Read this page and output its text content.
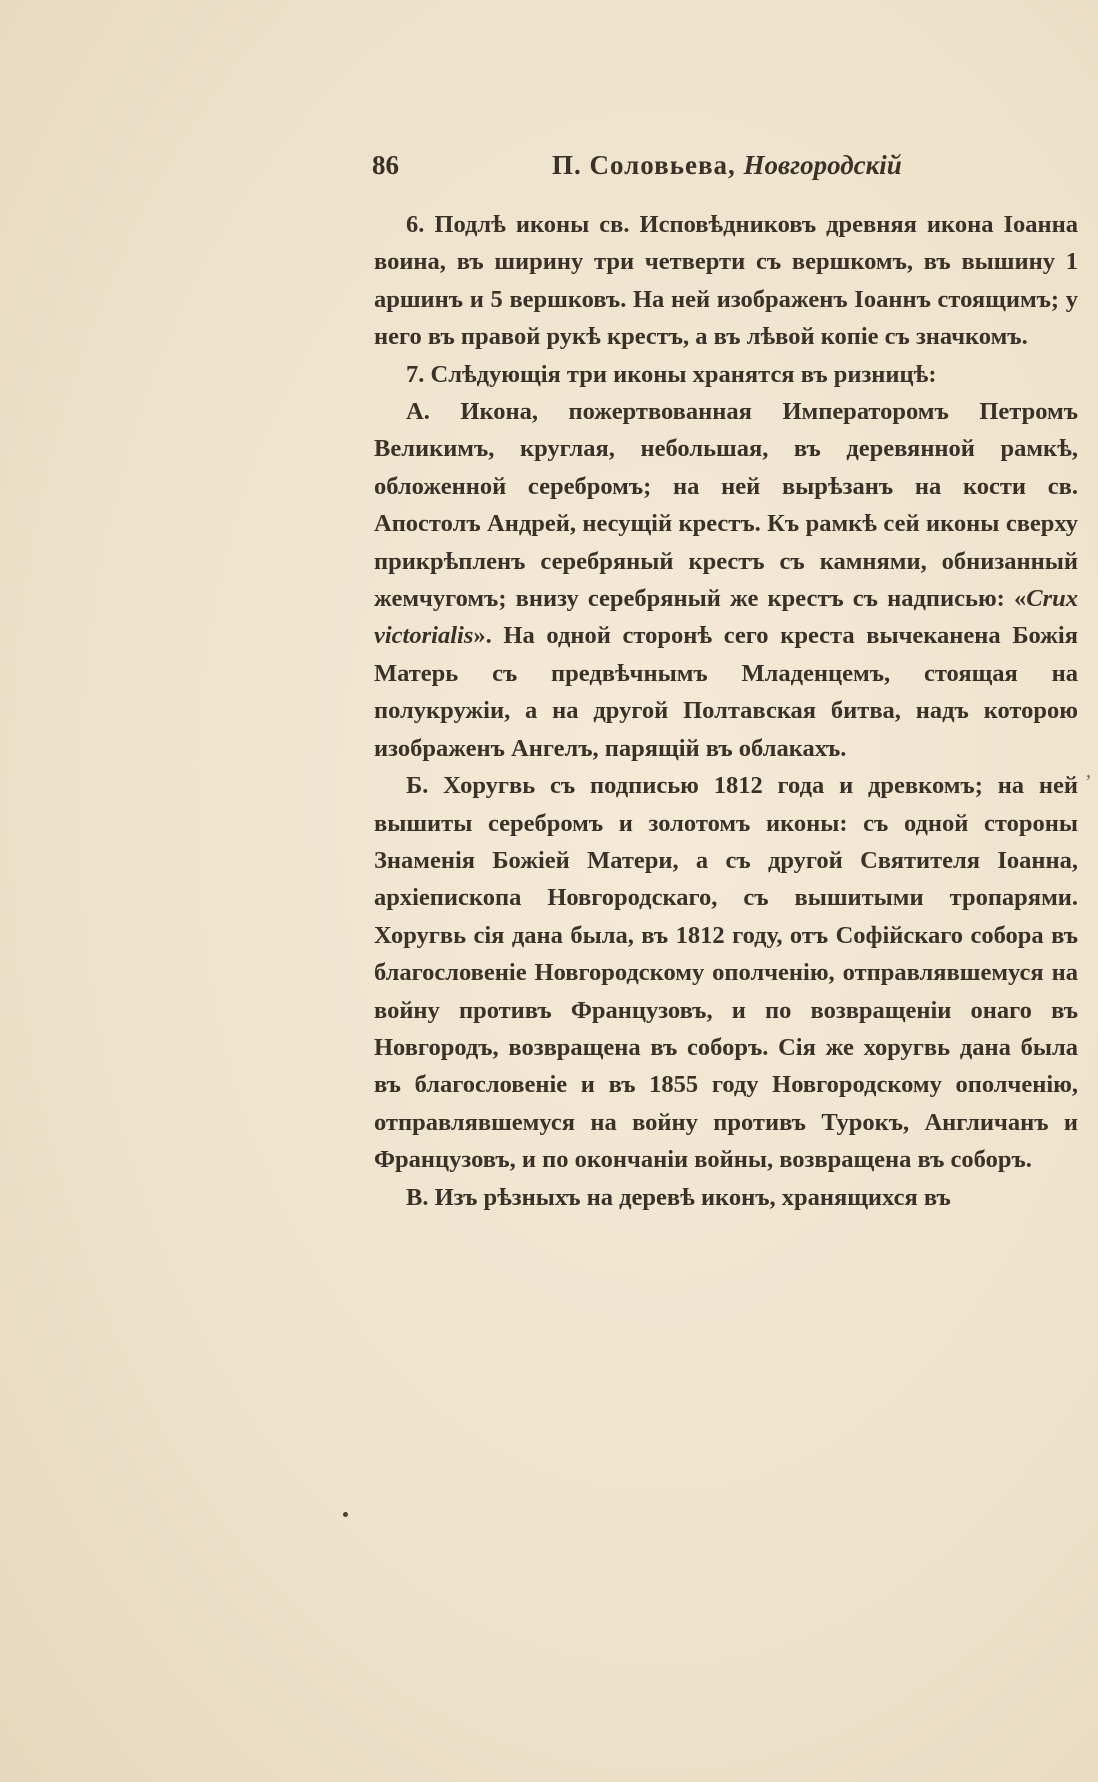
86	П. Соловьева, Новгородскiй

6. Подлѣ иконы св. Исповѣдниковъ древняя икона Iоанна воина, въ ширину три четверти съ вершкомъ, въ вышину 1 аршинъ и 5 вершковъ. На ней изображенъ Iоаннъ стоящимъ; у него въ правой рукѣ крестъ, а въ лѣвой копiе съ значкомъ.

7. Слѣдующiя три иконы хранятся въ ризницѣ:

А. Икона, пожертвованная Императоромъ Петромъ Великимъ, круглая, небольшая, въ деревянной рамкѣ, обложенной серебромъ; на ней вырѣзанъ на кости св. Апостолъ Андрей, несущiй крестъ. Къ рамкѣ сей иконы сверху прикрѣпленъ серебряный крестъ съ камнями, обнизанный жемчугомъ; внизу серебряный же крестъ съ надписью: «Crux victorialis». На одной сторонѣ сего креста вычеканена Божiя Матерь съ предвѣчнымъ Младенцемъ, стоящая на полукружiи, а на другой Полтавская битва, надъ которою изображенъ Ангелъ, парящiй въ облакахъ.

Б. Хоругвь съ подписью 1812 года и древкомъ; на ней вышиты серебромъ и золотомъ иконы: съ одной стороны Знаменiя Божiей Матери, а съ другой Святителя Iоанна, архiепископа Новгородскаго, съ вышитыми тропарями. Хоругвь сiя дана была, въ 1812 году, отъ Софiйскаго собора въ благословенiе Новгородскому ополченiю, отправлявшемуся на войну противъ Французовъ, и по возвращенiи онаго въ Новгородъ, возвращена въ соборъ. Сiя же хоругвь дана была въ благословенiе и въ 1855 году Новгородскому ополченiю, отправлявшемуся на войну противъ Турокъ, Англичанъ и Французовъ, и по окончанiи войны, возвращена въ соборъ.

В. Изъ рѣзныхъ на деревѣ иконъ, хранящихся въ

,
